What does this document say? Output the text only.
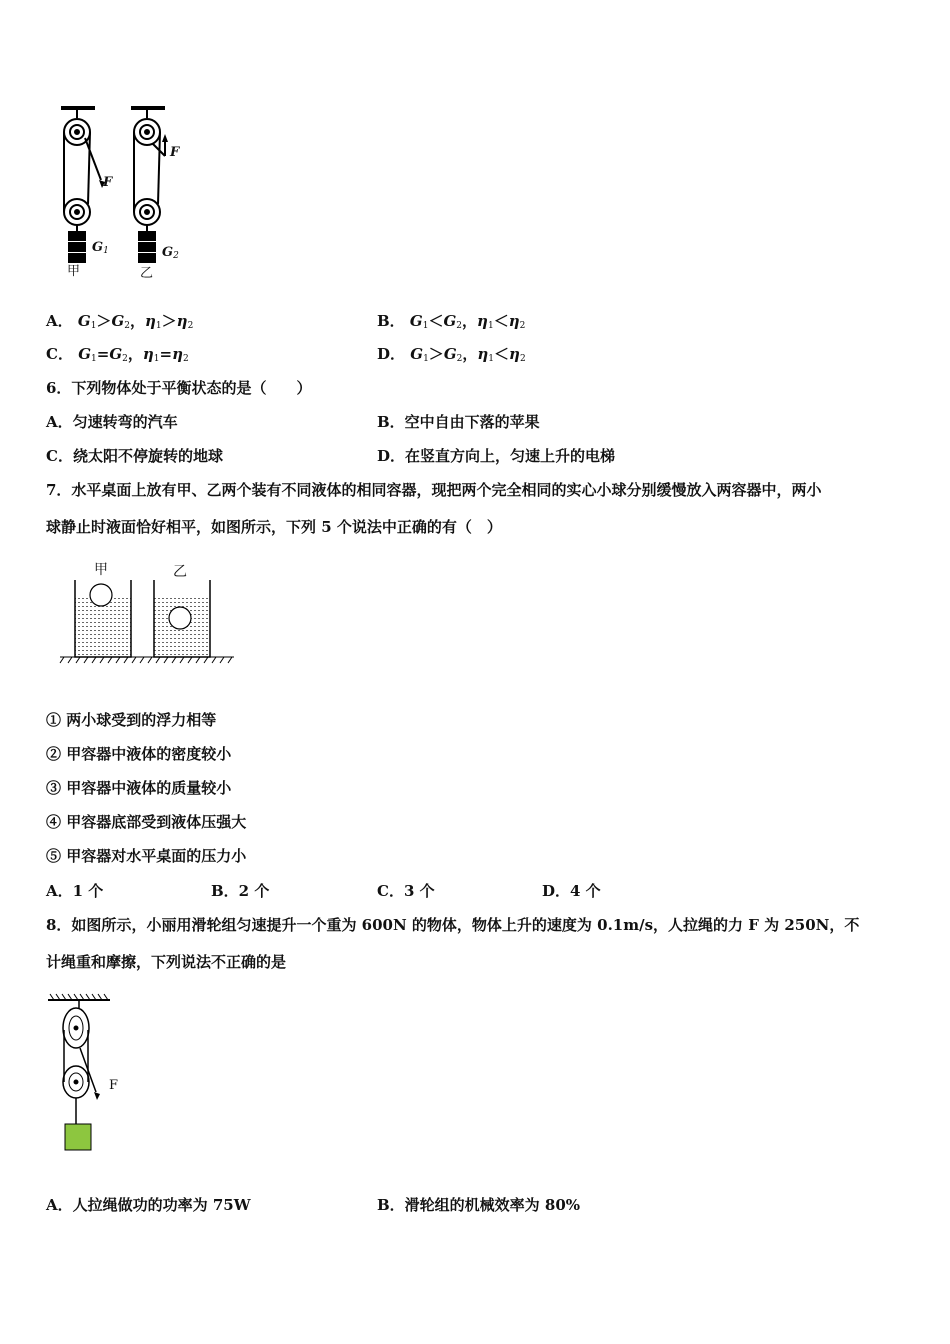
F
F
$G_1$	$G_2$
甲	乙
A． $G_1>G_2$，$\eta_1>\eta_2$	B． $G_1<G_2$，$\eta_1<\eta_2$
C． $G_1=G_2$，$\eta_1=\eta_2$	D． $G_1>G_2$，$\eta_1<\eta_2$
6．下列物体处于平衡状态的是（　　）
A．匀速转弯的汽车	B．空中自由下落的苹果
C．绕太阳不停旋转的地球	D．在竖直方向上，匀速上升的电梯
7．水平桌面上放有甲、乙两个装有不同液体的相同容器，现把两个完全相同的实心小球分别缓慢放入两容器中，两小
球静止时液面恰好相平，如图所示，下列 5 个说法中正确的有（　）
甲	乙
① 两小球受到的浮力相等
② 甲容器中液体的密度较小
③ 甲容器中液体的质量较小
④ 甲容器底部受到液体压强大
⑤ 甲容器对水平桌面的压力小
A．1 个	B．2 个	C．3 个	D．4 个
8．如图所示，小丽用滑轮组匀速提升一个重为 600N 的物体，物体上升的速度为 0.1m/s，人拉绳的力 F 为 250N，不
计绳重和摩擦，下列说法不正确的是
F
A．人拉绳做功的功率为 75W	B．滑轮组的机械效率为 80%
